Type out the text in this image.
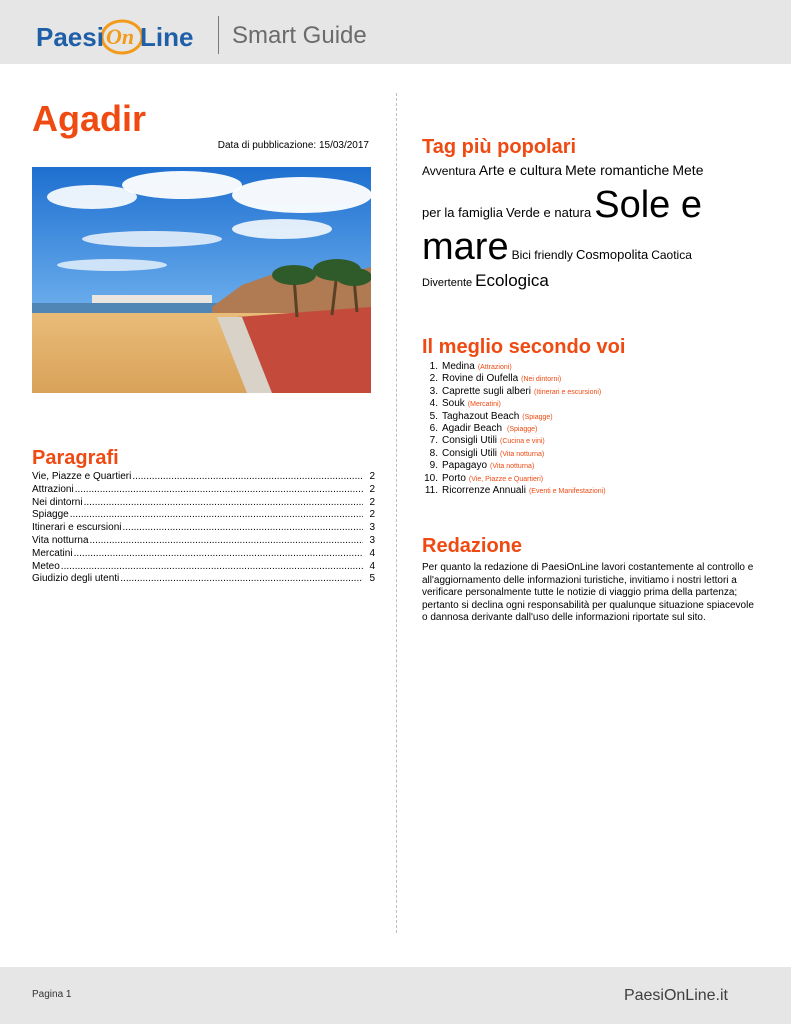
Paesi On Line Smart Guide
Agadir
Data di pubblicazione: 15/03/2017
Paragrafi
Vie, Piazze e Quartieri .....	2
Attrazioni .....	2
Nei dintorni .....	2
Spiagge .....	2
Itinerari e escursioni .....	3
Vita notturna .....	3
Mercatini .....	4
Meteo .....	4
Giudizio degli utenti .....	5
Tag più popolari
Avventura Arte e cultura Mete romantiche Mete
per la famiglia Verde e naturaSole e
mare Bici friendly Cosmopolita Caotica
Divertente Ecologica
Il meglio secondo voi
1. Medina (Attrazioni)
2. Rovine di Oufella (Nei dintorni)
3. Caprette sugli alberi (Itinerari e escursioni)
4. Souk (Mercatini)
5. Taghazout Beach (Spiagge)
6. Agadir Beach (Spiagge)
7. Consigli Utili (Cucina e vini)
8. Consigli Utili (Vita notturna)
9. Papagayo (Vita notturna)
10. Porto (Vie, Piazze e Quartieri)
11. Ricorrenze Annuali (Eventi e Manifestazioni)
Redazione
Per quanto la redazione di PaesiOnLine lavori costantemente al controllo e all'aggiornamento delle informazioni turistiche, invitiamo i nostri lettori a verificare personalmente tutte le notizie di viaggio prima della partenza; pertanto si declina ogni responsabilità per qualunque situazione spiacevole o dannosa derivante dall'uso delle informazioni riportate sul sito.
Pagina 1	PaesiOnLine.it
